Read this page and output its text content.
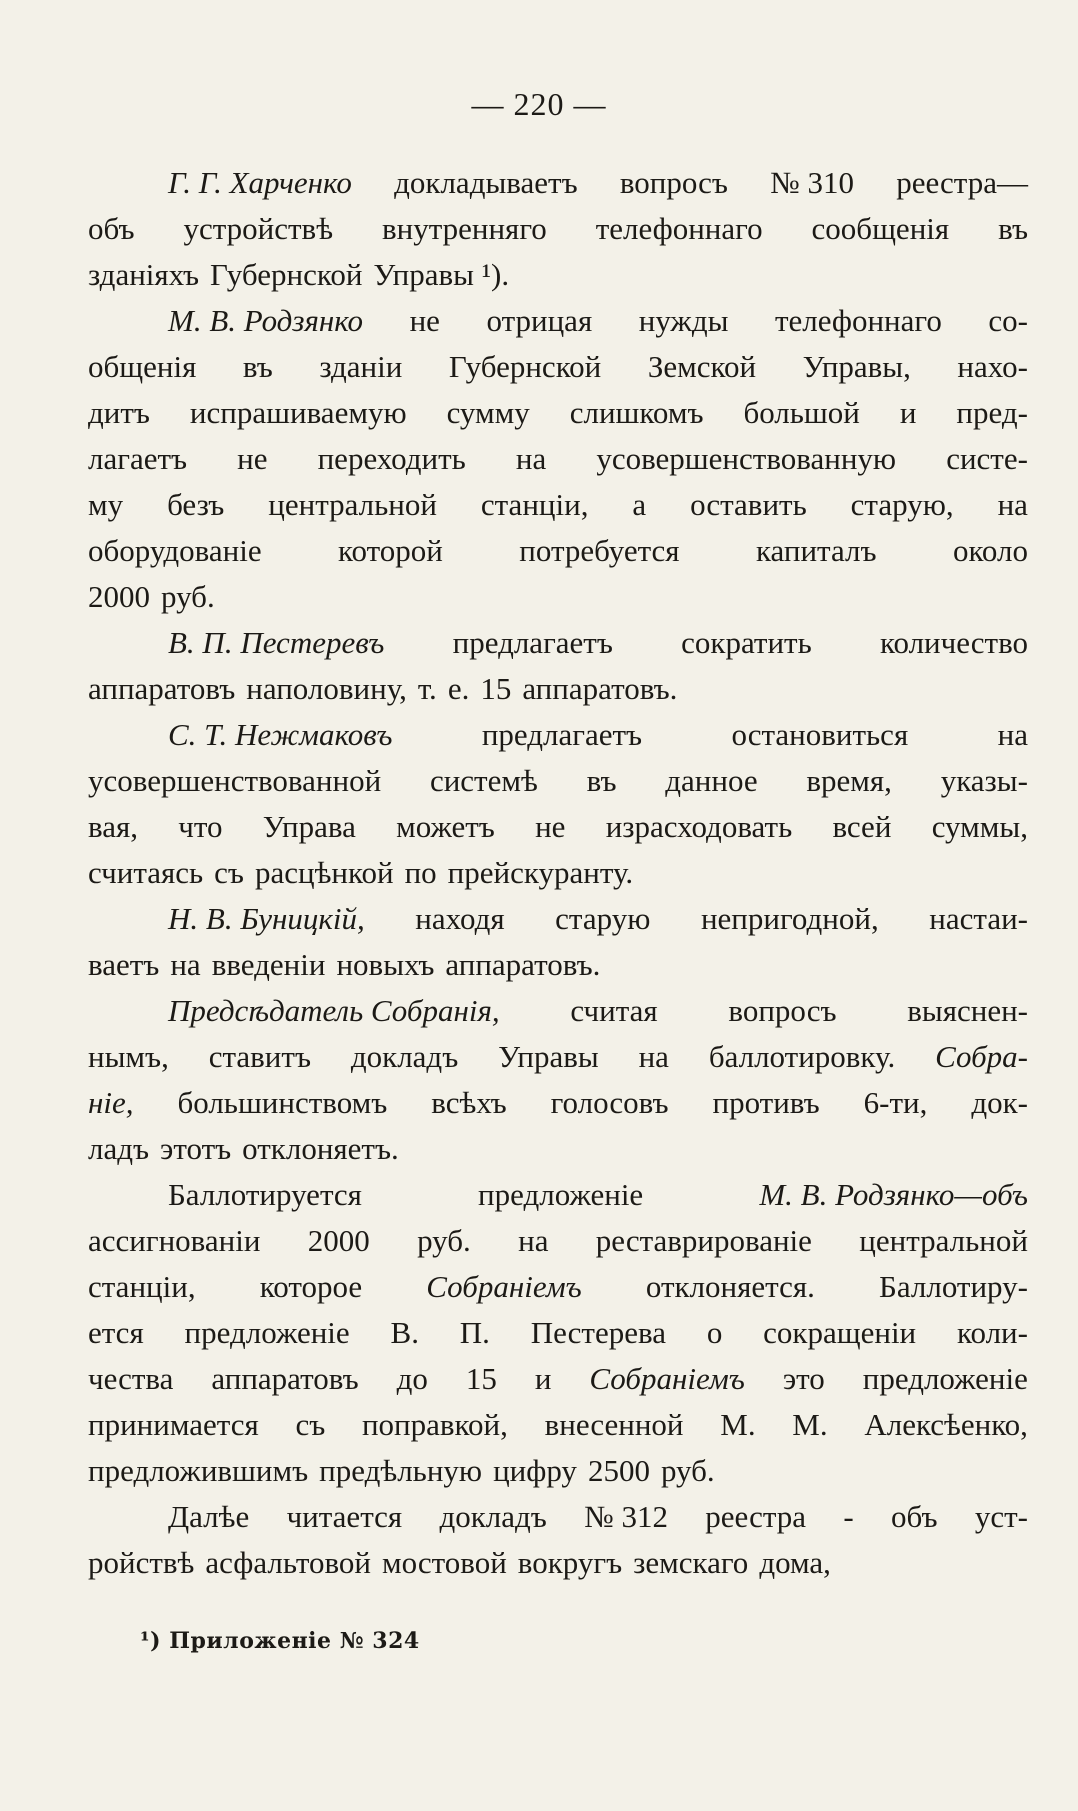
— 220 —
Г. Г. Харченко докладываетъ вопросъ № 310 реестра—
объ устройствѣ внутренняго телефоннаго сообщенія въ
зданіяхъ Губернской Управы ¹).
М. В. Родзянко не отрицая нужды телефоннаго со-
общенія въ зданіи Губернской Земской Управы, нахо-
дитъ испрашиваемую сумму слишкомъ большой и пред-
лагаетъ не переходить на усовершенствованную систе-
му безъ центральной станціи, а оставить старую, на
оборудованіе которой потребуется капиталъ около
2000 руб.
В. П. Пестеревъ предлагаетъ сократить количество
аппаратовъ наполовину, т. е. 15 аппаратовъ.
С. Т. Нежмаковъ	предлагаетъ	остановиться	на
усовершенствованной системѣ въ данное время, указы-
вая, что Управа можетъ не израсходовать всей суммы,
считаясь съ расцѣнкой по прейскуранту.
Н. В. Буницкій, находя старую непригодной, настаи-
ваетъ на введеніи новыхъ аппаратовъ.
Предсѣдатель Собранія, считая вопросъ выяснен-
нымъ, ставитъ докладъ Управы на баллотировку. Собра-
ніе, большинствомъ всѣхъ голосовъ противъ 6-ти, док-
ладъ этотъ отклоняетъ.
Баллотируется	предложеніе	М. В. Родзянко—объ
ассигнованіи 2000 руб. на реставрированіе центральной
станціи, которое Собраніемъ отклоняется. Баллотиру-
ется предложеніе В. П. Пестерева о сокращеніи коли-
чества аппаратовъ до 15 и Собраніемъ это предложеніе
принимается съ поправкой, внесенной М. М. Алексѣенко,
предложившимъ предѣльную цифру 2500 руб.
Далѣе читается докладъ № 312 реестра - объ уст-
ройствѣ асфальтовой мостовой вокругъ земскаго дома,
¹) Приложеніе № 324
